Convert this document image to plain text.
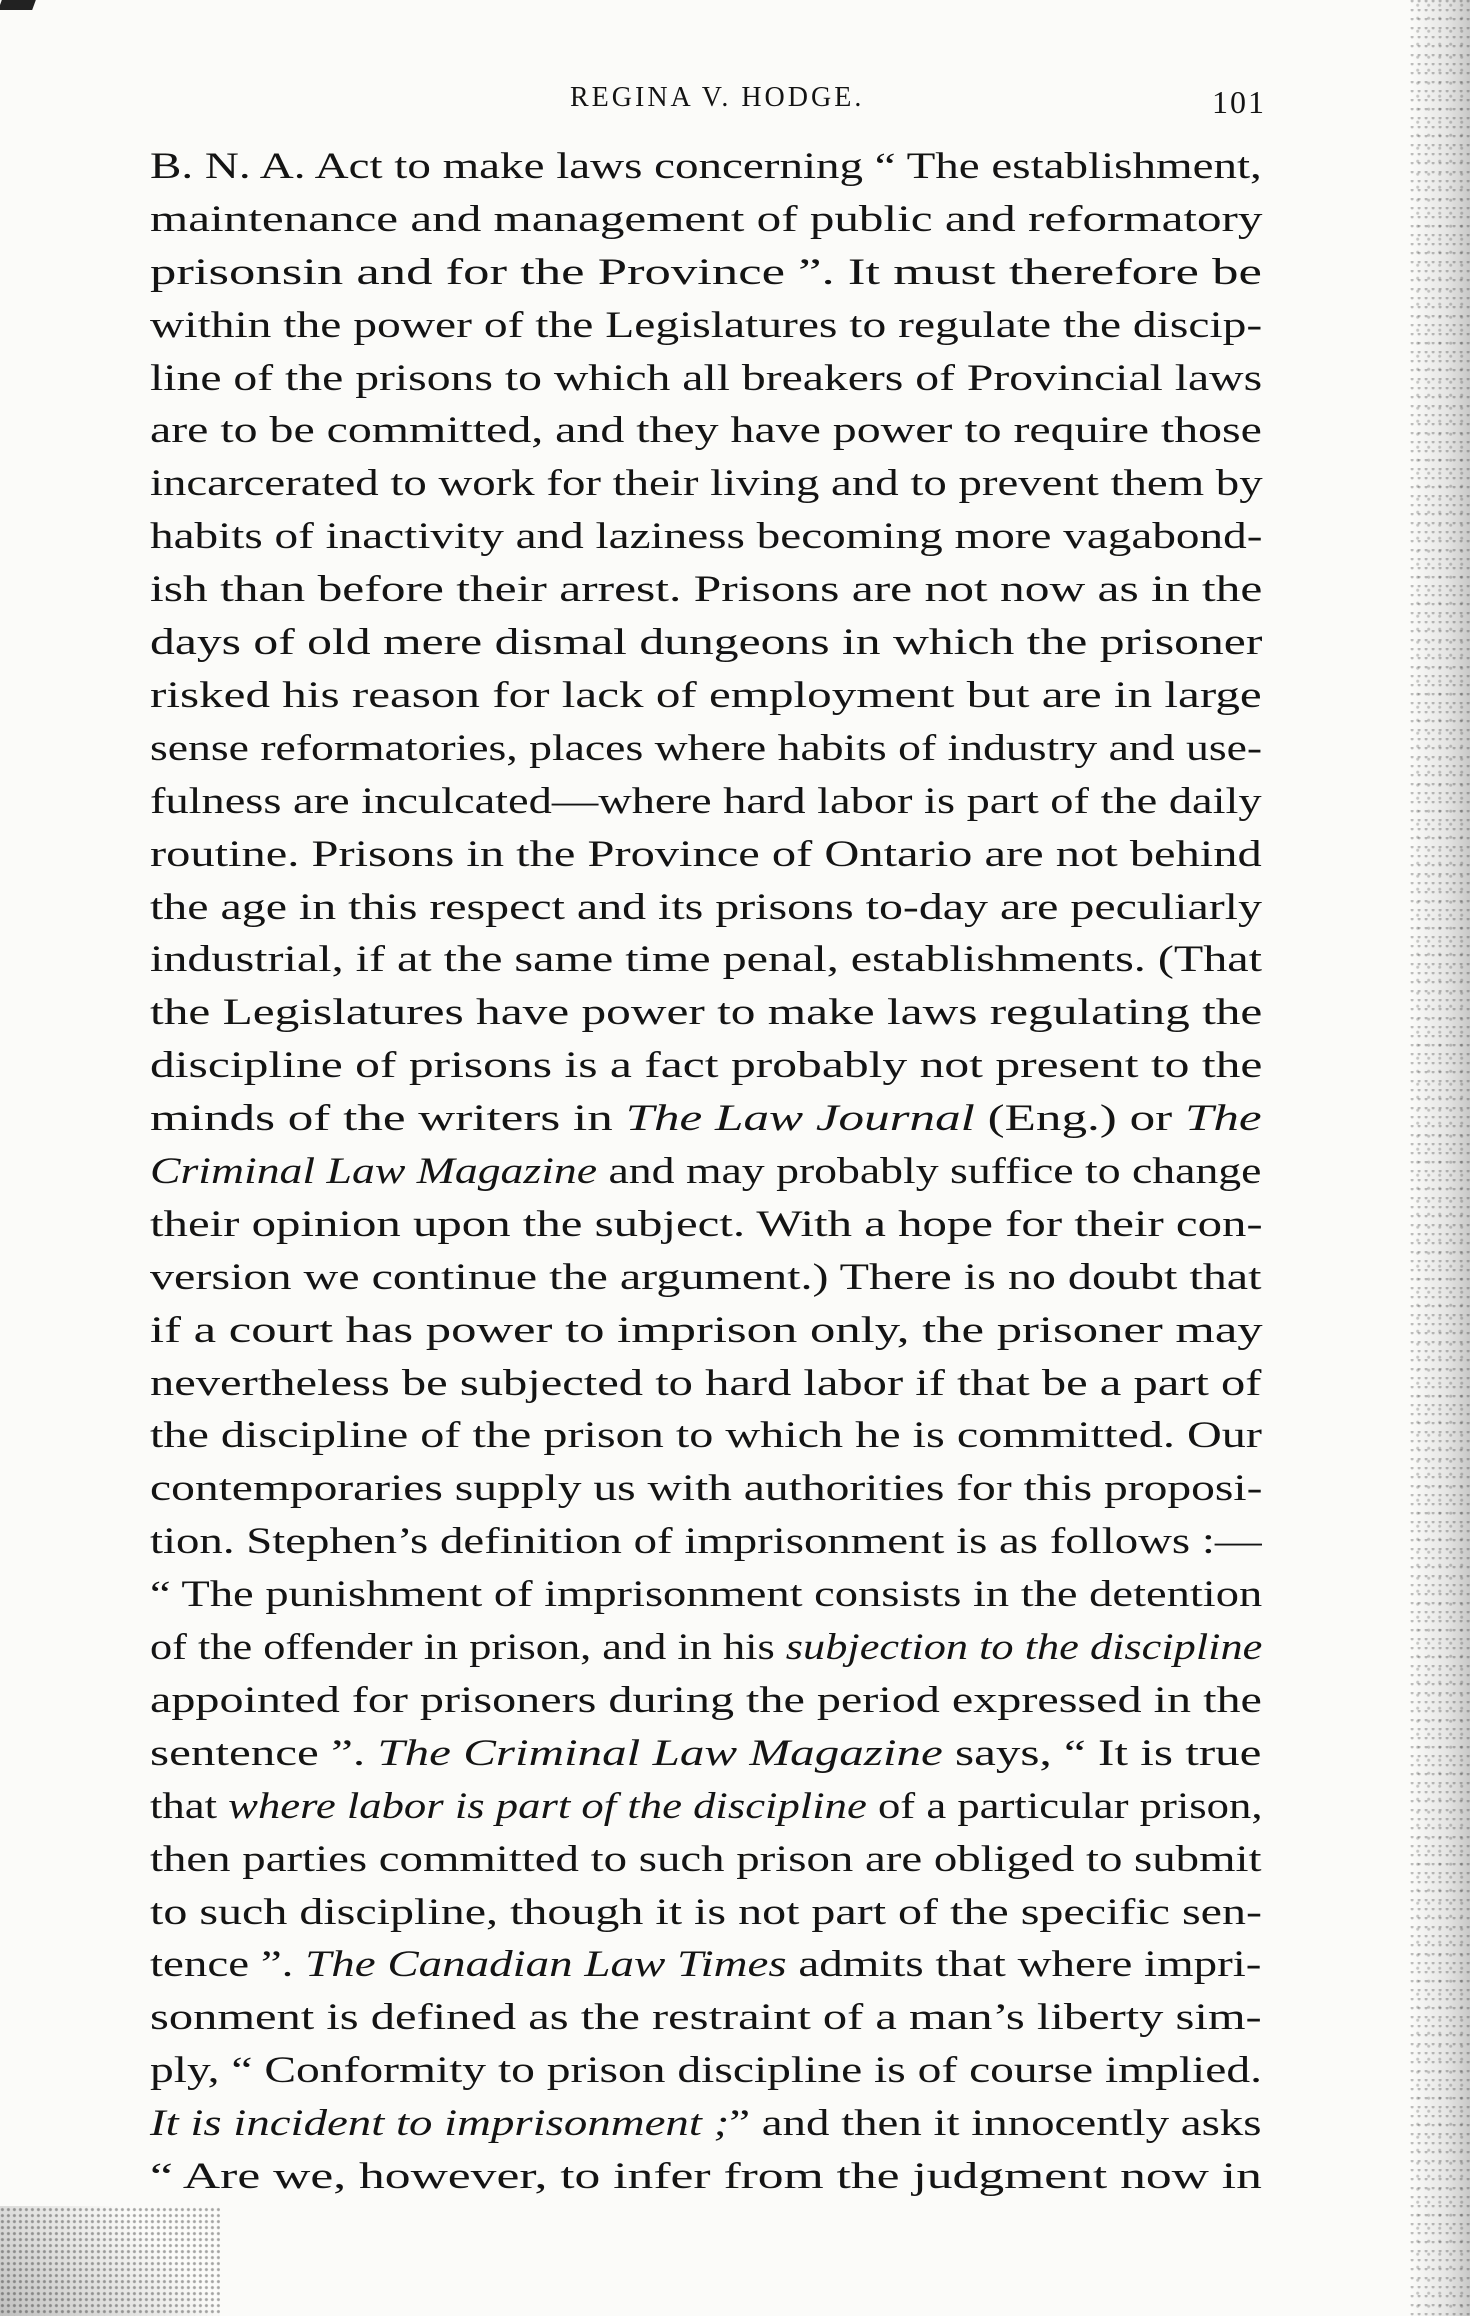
REGINA V. HODGE.	101
B. N. A. Act to make laws concerning “ The establishment,
maintenance and management of public and reformatory
prisonsin and for the Province ”. It must therefore be
within the power of the Legislatures to regulate the discip-
line of the prisons to which all breakers of Provincial laws
are to be committed, and they have power to require those
incarcerated to work for their living and to prevent them by
habits of inactivity and laziness becoming more vagabond-
ish than before their arrest. Prisons are not now as in the
days of old mere dismal dungeons in which the prisoner
risked his reason for lack of employment but are in large
sense reformatories, places where habits of industry and use-
fulness are inculcated—where hard labor is part of the daily
routine. Prisons in the Province of Ontario are not behind
the age in this respect and its prisons to-day are peculiarly
industrial, if at the same time penal, establishments. (That
the Legislatures have power to make laws regulating the
discipline of prisons is a fact probably not present to the
minds of the writers in The Law Journal (Eng.) or The
Criminal Law Magazine and may probably suffice to change
their opinion upon the subject. With a hope for their con-
version we continue the argument.) There is no doubt that
if a court has power to imprison only, the prisoner may
nevertheless be subjected to hard labor if that be a part of
the discipline of the prison to which he is committed. Our
contemporaries supply us with authorities for this proposi-
tion. Stephen’s definition of imprisonment is as follows :—
“ The punishment of imprisonment consists in the detention
of the offender in prison, and in his subjection to the discipline
appointed for prisoners during the period expressed in the
sentence ”. The Criminal Law Magazine says, “ It is true
that where labor is part of the discipline of a particular prison,
then parties committed to such prison are obliged to submit
to such discipline, though it is not part of the specific sen-
tence ”. The Canadian Law Times admits that where impri-
sonment is defined as the restraint of a man’s liberty sim-
ply, “ Conformity to prison discipline is of course implied.
It is incident to imprisonment ;” and then it innocently asks
“ Are we, however, to infer from the judgment now in
